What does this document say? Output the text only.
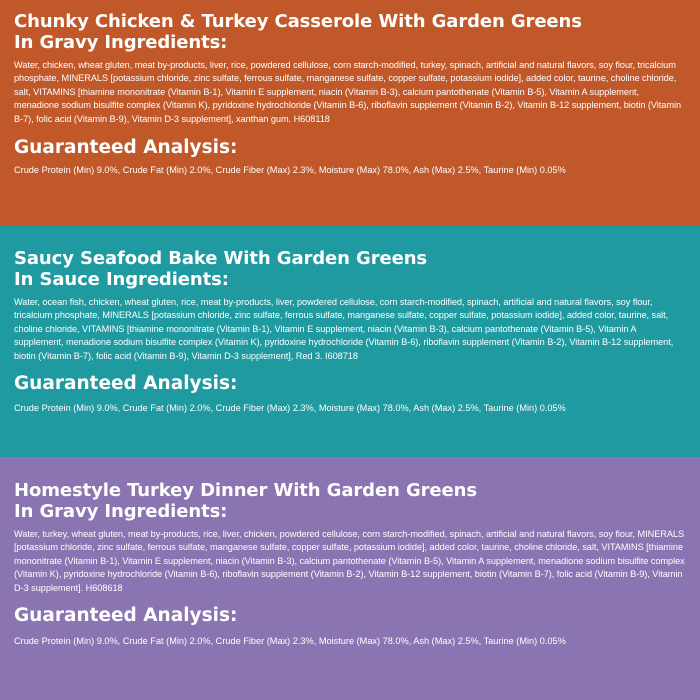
Chunky Chicken & Turkey Casserole With Garden Greens
In Gravy Ingredients:

Water, chicken, wheat gluten, meat by-products, liver, rice, powdered cellulose, corn starch-modified, turkey, spinach, artificial and natural flavors, soy flour, tricalcium phosphate, MINERALS [potassium chloride, zinc sulfate, ferrous sulfate, manganese sulfate, copper sulfate, potassium iodide], added color, taurine, choline chloride, salt, VITAMINS [thiamine mononitrate (Vitamin B-1), Vitamin E supplement, niacin (Vitamin B-3), calcium pantothenate (Vitamin B-5), Vitamin A supplement, menadione sodium bisulfite complex (Vitamin K), pyridoxine hydrochloride (Vitamin B-6), riboflavin supplement (Vitamin B-2), Vitamin B-12 supplement, biotin (Vitamin B-7), folic acid (Vitamin B-9), Vitamin D-3 supplement], xanthan gum. H608118

Guaranteed Analysis:

Crude Protein (Min) 9.0%, Crude Fat (Min) 2.0%, Crude Fiber (Max) 2.3%, Moisture (Max) 78.0%, Ash (Max) 2.5%, Taurine (Min) 0.05%

Saucy Seafood Bake With Garden Greens
In Sauce Ingredients:

Water, ocean fish, chicken, wheat gluten, rice, meat by-products, liver, powdered cellulose, corn starch-modified, spinach, artificial and natural flavors, soy flour, tricalcium phosphate, MINERALS [potassium chloride, zinc sulfate, ferrous sulfate, manganese sulfate, copper sulfate, potassium iodide], added color, taurine, salt, choline chloride, VITAMINS [thiamine mononitrate (Vitamin B-1), Vitamin E supplement, niacin (Vitamin B-3), calcium pantothenate (Vitamin B-5), Vitamin A supplement, menadione sodium bisulfite complex (Vitamin K), pyridoxine hydrochloride (Vitamin B-6), riboflavin supplement (Vitamin B-2), Vitamin B-12 supplement, biotin (Vitamin B-7), folic acid (Vitamin B-9), Vitamin D-3 supplement], Red 3. I608718

Guaranteed Analysis:

Crude Protein (Min) 9.0%, Crude Fat (Min) 2.0%, Crude Fiber (Max) 2.3%, Moisture (Max) 78.0%, Ash (Max) 2.5%, Taurine (Min) 0.05%

Homestyle Turkey Dinner With Garden Greens
In Gravy Ingredients:

Water, turkey, wheat gluten, meat by-products, rice, liver, chicken, powdered cellulose, corn starch-modified, spinach, artificial and natural flavors, soy flour, MINERALS [potassium chloride, zinc sulfate, ferrous sulfate, manganese sulfate, copper sulfate, potassium iodide], added color, taurine, choline chloride, salt, VITAMINS [thiamine mononitrate (Vitamin B-1), Vitamin E supplement, niacin (Vitamin B-3), calcium pantothenate (Vitamin B-5), Vitamin A supplement, menadione sodium bisulfite complex (Vitamin K), pyridoxine hydrochloride (Vitamin B-6), riboflavin supplement (Vitamin B-2), Vitamin B-12 supplement, biotin (Vitamin B-7), folic acid (Vitamin B-9), Vitamin D-3 supplement]. H608618

Guaranteed Analysis:

Crude Protein (Min) 9.0%, Crude Fat (Min) 2.0%, Crude Fiber (Max) 2.3%, Moisture (Max) 78.0%, Ash (Max) 2.5%, Taurine (Min) 0.05%
